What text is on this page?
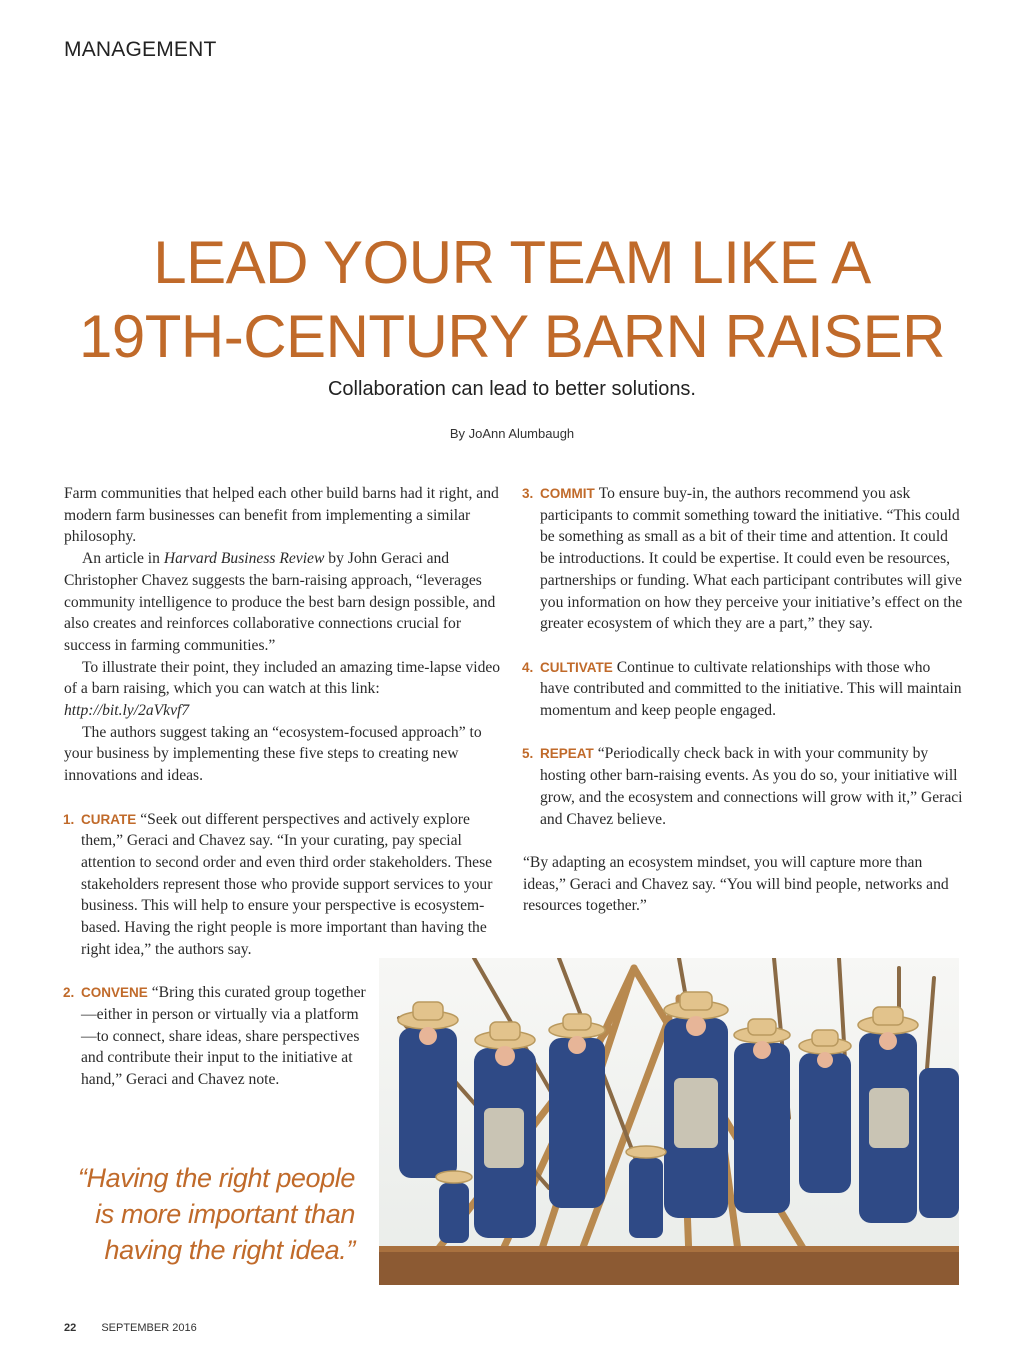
MANAGEMENT
LEAD YOUR TEAM LIKE A
19TH-CENTURY BARN RAISER
Collaboration can lead to better solutions.
By JoAnn Alumbaugh

Farm communities that helped each other build barns had it right, and modern farm businesses can benefit from implementing a similar philosophy.

An article in Harvard Business Review by John Geraci and Christopher Chavez suggests the barn-raising approach, “leverages community intelligence to produce the best barn design possible, and also creates and reinforces collaborative connections crucial for success in farming communities.”

To illustrate their point, they included an amazing time-lapse video of a barn raising, which you can watch at this link: http://bit.ly/2aVkvf7

The authors suggest taking an “ecosystem-focused approach” to your business by implementing these five steps to creating new innovations and ideas.

1. CURATE “Seek out different perspectives and actively explore them,” Geraci and Chavez say. “In your curating, pay special attention to second order and even third order stakeholders. These stakeholders represent those who provide support services to your business. This will help to ensure your perspective is ecosystem-based. Having the right people is more important than having the right idea,” the authors say.

2. CONVENE “Bring this curated group together—either in person or virtually via a platform—to connect, share ideas, share perspectives and contribute their input to the initiative at hand,” Geraci and Chavez note.

3. COMMIT To ensure buy-in, the authors recommend you ask participants to commit something toward the initiative. “This could be something as small as a bit of their time and attention. It could be introductions. It could be expertise. It could even be resources, partnerships or funding. What each participant contributes will give you information on how they perceive your initiative’s effect on the greater ecosystem of which they are a part,” they say.

4. CULTIVATE Continue to cultivate relationships with those who have contributed and committed to the initiative. This will maintain momentum and keep people engaged.

5. REPEAT “Periodically check back in with your community by hosting other barn-raising events. As you do so, your initiative will grow, and the ecosystem and connections will grow with it,” Geraci and Chavez believe.

“By adapting an ecosystem mindset, you will capture more than ideas,” Geraci and Chavez say. “You will bind people, networks and resources together.”

“Having the right people
is more important than
having the right idea.”
22 SEPTEMBER 2016
